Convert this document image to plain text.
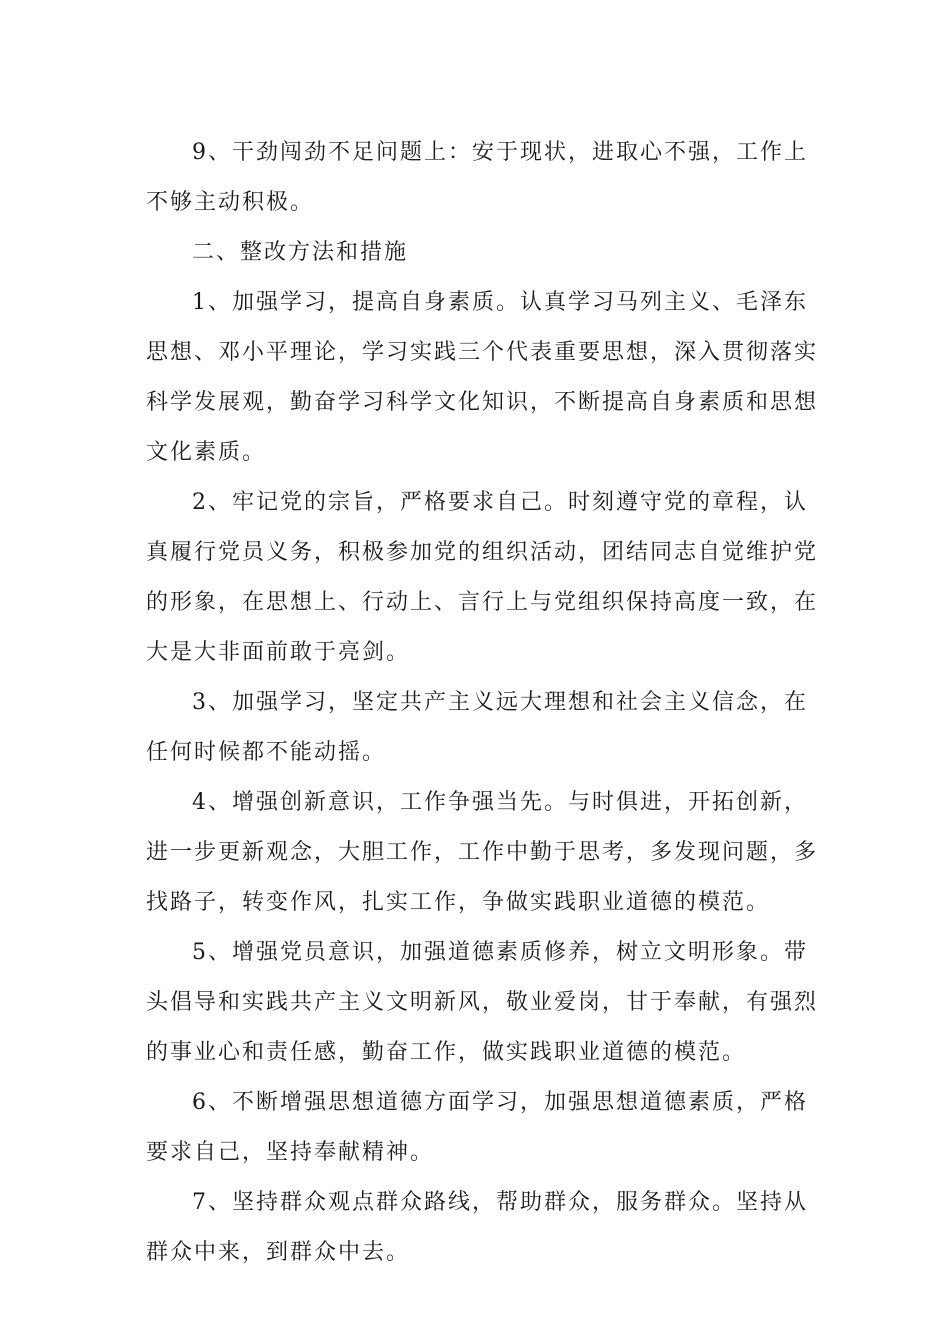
9、干劲闯劲不足问题上：安于现状，进取心不强，工作上不够主动积极。

二、整改方法和措施

1、加强学习，提高自身素质。认真学习马列主义、毛泽东思想、邓小平理论，学习实践三个代表重要思想，深入贯彻落实科学发展观，勤奋学习科学文化知识，不断提高自身素质和思想文化素质。

2、牢记党的宗旨，严格要求自己。时刻遵守党的章程，认真履行党员义务，积极参加党的组织活动，团结同志自觉维护党的形象，在思想上、行动上、言行上与党组织保持高度一致，在大是大非面前敢于亮剑。

3、加强学习，坚定共产主义远大理想和社会主义信念，在任何时候都不能动摇。

4、增强创新意识，工作争强当先。与时俱进，开拓创新，进一步更新观念，大胆工作，工作中勤于思考，多发现问题，多找路子，转变作风，扎实工作，争做实践职业道德的模范。

5、增强党员意识，加强道德素质修养，树立文明形象。带头倡导和实践共产主义文明新风，敬业爱岗，甘于奉献，有强烈的事业心和责任感，勤奋工作，做实践职业道德的模范。

6、不断增强思想道德方面学习，加强思想道德素质，严格要求自己，坚持奉献精神。

7、坚持群众观点群众路线，帮助群众，服务群众。坚持从群众中来，到群众中去。
